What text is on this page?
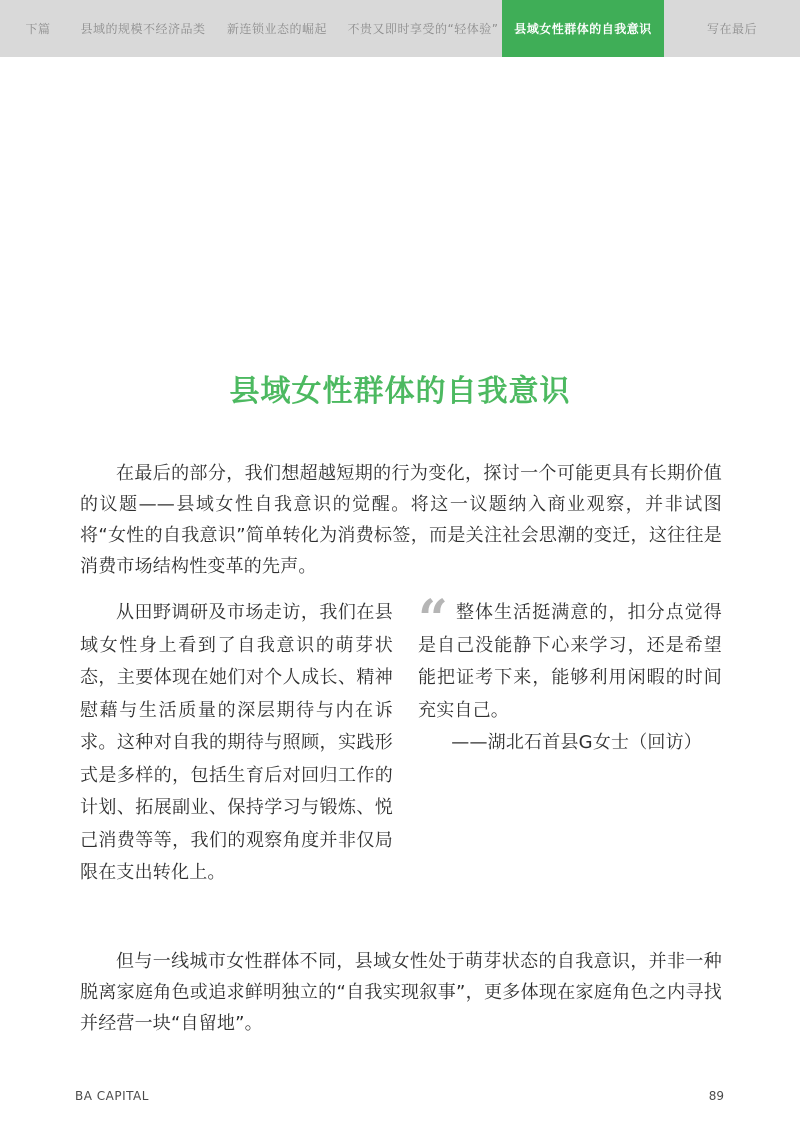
下篇	县域的规模不经济品类	新连锁业态的崛起	不贵又即时享受的“轻体验”	县域女性群体的自我意识	写在最后
县域女性群体的自我意识

在最后的部分，我们想超越短期的行为变化，探讨一个可能更具有长期价值的议题——县域女性自我意识的觉醒。将这一议题纳入商业观察，并非试图将“女性的自我意识”简单转化为消费标签，而是关注社会思潮的变迁，这往往是消费市场结构性变革的先声。

从田野调研及市场走访，我们在县域女性身上看到了自我意识的萌芽状态，主要体现在她们对个人成长、精神慰藉与生活质量的深层期待与内在诉求。这种对自我的期待与照顾，实践形式是多样的，包括生育后对回归工作的计划、拓展副业、保持学习与锻炼、悦己消费等等，我们的观察角度并非仅局限在支出转化上。
“ 整体生活挺满意的，扣分点觉得是自己没能静下心来学习，还是希望能把证考下来，能够利用闲暇的时间充实自己。
——湖北石首县G女士（回访）

但与一线城市女性群体不同，县域女性处于萌芽状态的自我意识，并非一种脱离家庭角色或追求鲜明独立的“自我实现叙事”，更多体现在家庭角色之内寻找并经营一块“自留地”。

BA CAPITAL	89
